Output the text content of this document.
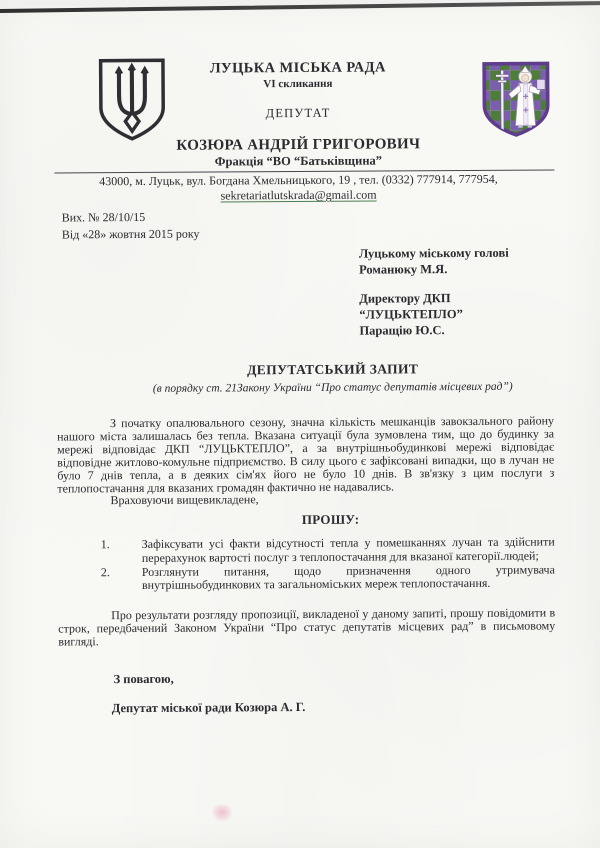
ЛУЦЬКА МІСЬКА РАДА
VI скликання
ДЕПУТАТ
КОЗЮРА АНДРІЙ ГРИГОРОВИЧ
Фракція “ВО “Батьківщина”
43000, м. Луцьк, вул. Богдана Хмельницького, 19 , тел. (0332) 777914, 777954,
sekretariatlutskrada@gmail.com
Вих. № 28/10/15
Від «28» жовтня 2015 року
Луцькому міському голові
Романюку М.Я.
Директору ДКП “ЛУЦЬКТЕПЛО”
Паращію Ю.С.
ДЕПУТАТСЬКИЙ ЗАПИТ
(в порядку ст. 21Закону України “Про статус депутатів місцевих рад”)

З початку опалювального сезону, значна кількість мешканців завокзального району нашого міста залишалась без тепла. Вказана ситуації була зумовлена тим, що до будинку за мережі відповідає ДКП “ЛУЦЬКТЕПЛО”, а за внутрішньобудинкові мережі відповідає відповідне житлово-комульне підприємство. В силу цього є зафіксовані випадки, що в лучан не було 7 днів тепла, а в деяких сім'ях його не було 10 днів. В зв'язку з цим послуги з теплопостачання для вказаних громадян фактично не надавались.

Враховуючи вищевикладене,
ПРОШУ:
1.	Зафіксувати усі факти відсутності тепла у помешканнях лучан та здійснити перерахунок вартості послуг з теплопостачання для вказаної категорії.людей;
2.	Розглянути питання, щодо призначення одного утримувача внутрішньобудинкових та загальноміських мереж теплопостачання.

Про результати розгляду пропозиції, викладеної у даному запиті, прошу повідомити в строк, передбачений Законом України “Про статус депутатів місцевих рад” в письмовому вигляді.

З повагою,
Депутат міської ради Козюра А. Г.
